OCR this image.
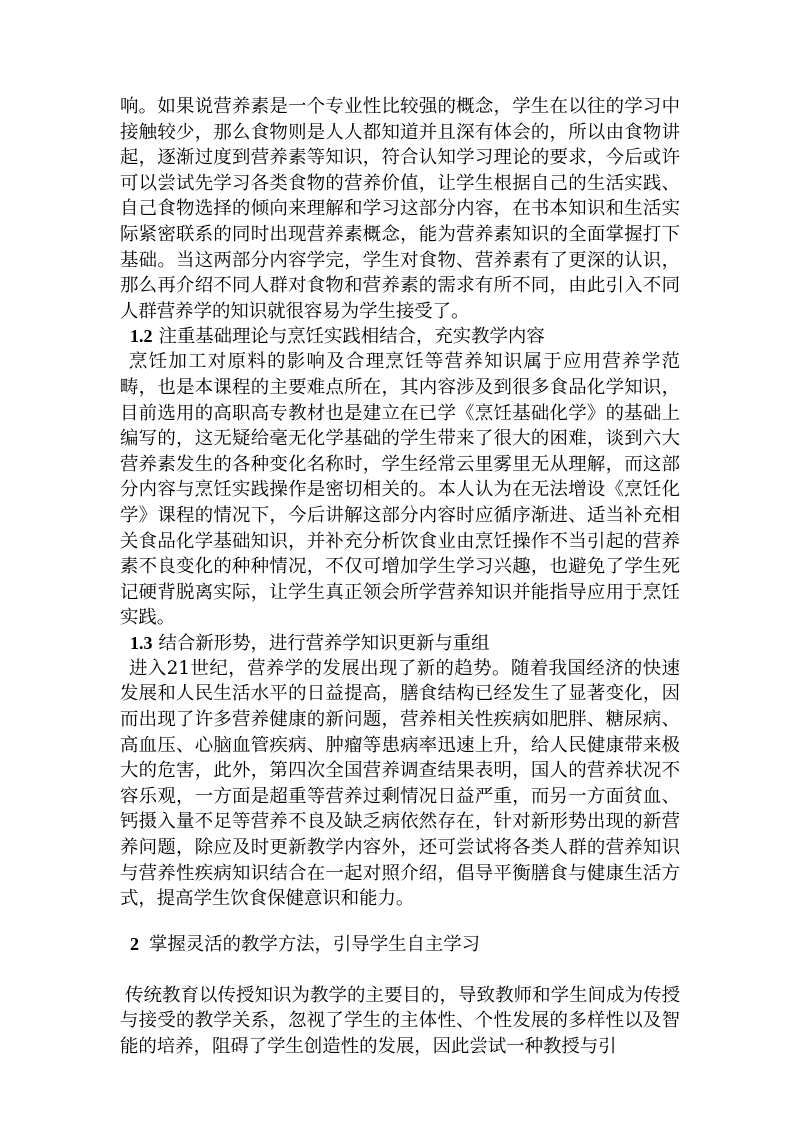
响。如果说营养素是一个专业性比较强的概念，学生在以往的学习中接触较少，那么食物则是人人都知道并且深有体会的，所以由食物讲起，逐渐过度到营养素等知识，符合认知学习理论的要求，今后或许可以尝试先学习各类食物的营养价值，让学生根据自己的生活实践、自己食物选择的倾向来理解和学习这部分内容，在书本知识和生活实际紧密联系的同时出现营养素概念，能为营养素知识的全面掌握打下基础。当这两部分内容学完，学生对食物、营养素有了更深的认识，那么再介绍不同人群对食物和营养素的需求有所不同，由此引入不同人群营养学的知识就很容易为学生接受了。

1.2 注重基础理论与烹饪实践相结合，充实教学内容

烹饪加工对原料的影响及合理烹饪等营养知识属于应用营养学范畴，也是本课程的主要难点所在，其内容涉及到很多食品化学知识，目前选用的高职高专教材也是建立在已学《烹饪基础化学》的基础上编写的，这无疑给毫无化学基础的学生带来了很大的困难，谈到六大营养素发生的各种变化名称时，学生经常云里雾里无从理解，而这部分内容与烹饪实践操作是密切相关的。本人认为在无法增设《烹饪化学》课程的情况下，今后讲解这部分内容时应循序渐进、适当补充相关食品化学基础知识，并补充分析饮食业由烹饪操作不当引起的营养素不良变化的种种情况，不仅可增加学生学习兴趣，也避免了学生死记硬背脱离实际，让学生真正领会所学营养知识并能指导应用于烹饪实践。

1.3 结合新形势，进行营养学知识更新与重组

进入21世纪，营养学的发展出现了新的趋势。随着我国经济的快速发展和人民生活水平的日益提高，膳食结构已经发生了显著变化，因而出现了许多营养健康的新问题，营养相关性疾病如肥胖、糖尿病、高血压、心脑血管疾病、肿瘤等患病率迅速上升，给人民健康带来极大的危害，此外，第四次全国营养调查结果表明，国人的营养状况不容乐观，一方面是超重等营养过剩情况日益严重，而另一方面贫血、钙摄入量不足等营养不良及缺乏病依然存在，针对新形势出现的新营养问题，除应及时更新教学内容外，还可尝试将各类人群的营养知识与营养性疾病知识结合在一起对照介绍，倡导平衡膳食与健康生活方式，提高学生饮食保健意识和能力。

2 掌握灵活的教学方法，引导学生自主学习

传统教育以传授知识为教学的主要目的，导致教师和学生间成为传授与接受的教学关系，忽视了学生的主体性、个性发展的多样性以及智能的培养，阻碍了学生创造性的发展，因此尝试一种教授与引
